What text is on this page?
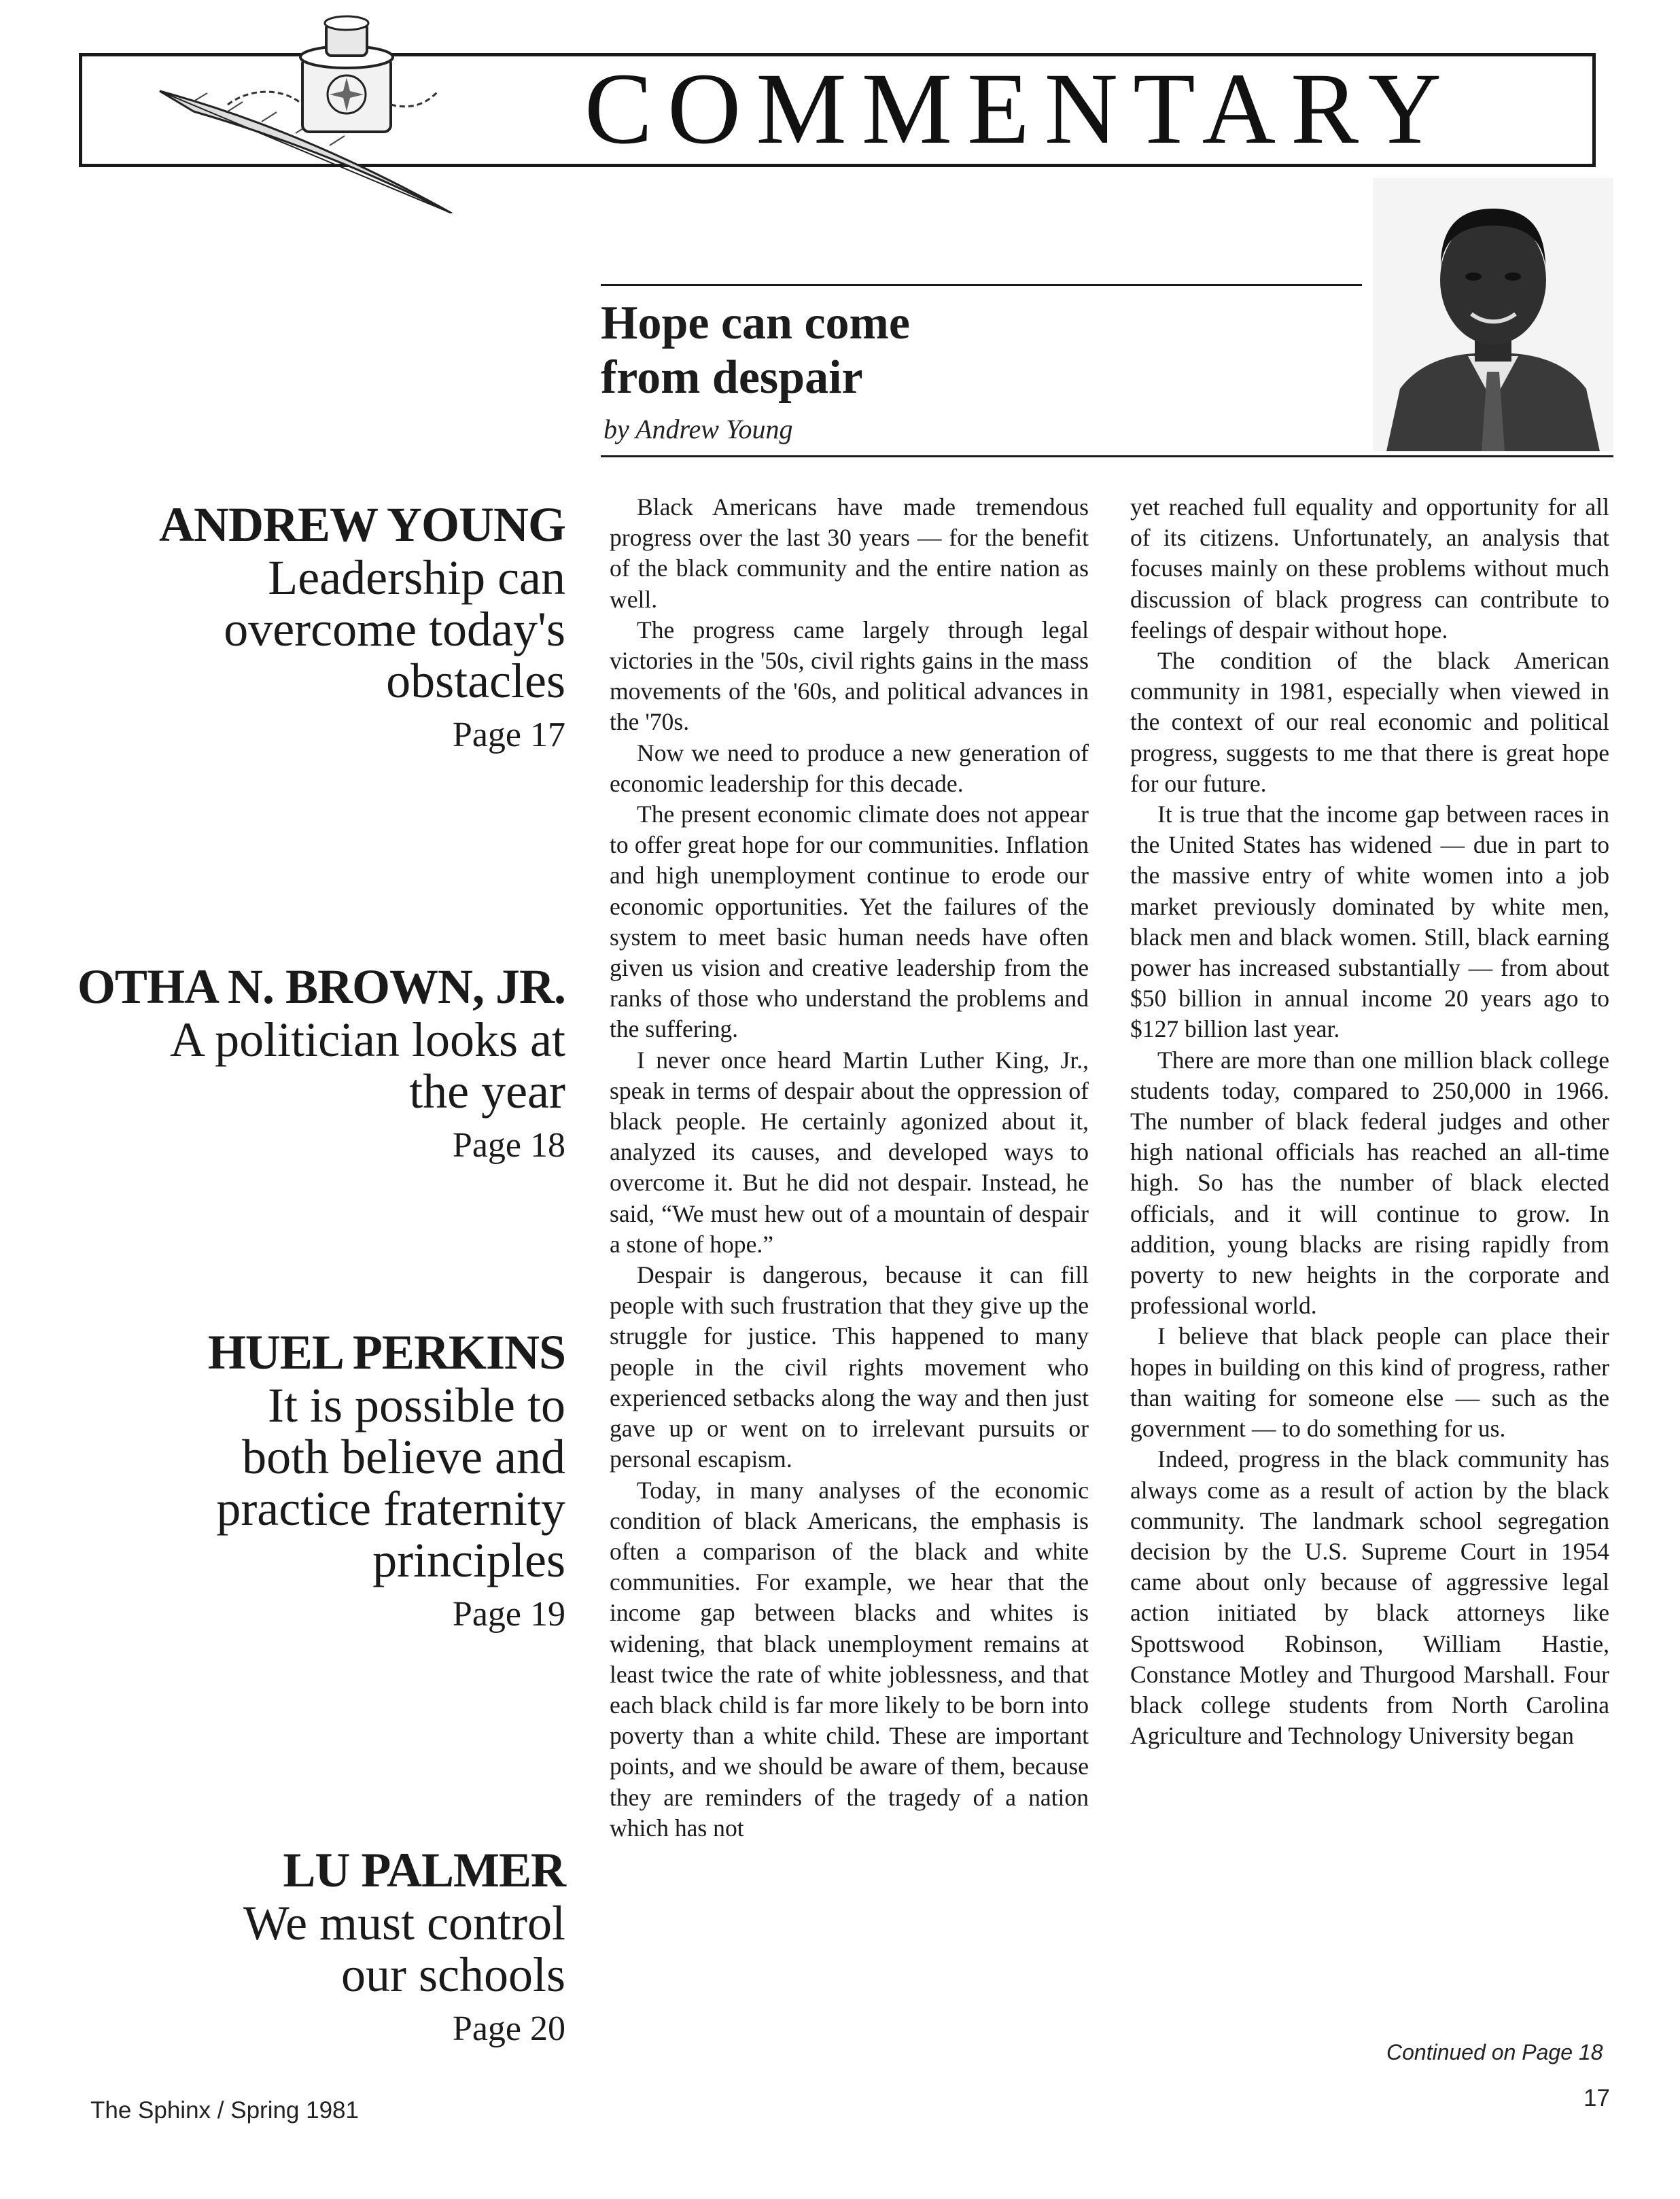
COMMENTARY
Hope can come
from despair
by Andrew Young
ANDREW YOUNG
Leadership can
overcome today's
obstacles
Page 17
OTHA N. BROWN, JR.
A politician looks at
the year
Page 18
HUEL PERKINS
It is possible to
both believe and
practice fraternity
principles
Page 19
LU PALMER
We must control
our schools
Page 20

Black Americans have made tremendous progress over the last 30 years — for the benefit of the black community and the entire nation as well.

The progress came largely through legal victories in the '50s, civil rights gains in the mass movements of the '60s, and political advances in the '70s.

Now we need to produce a new generation of economic leadership for this decade.

The present economic climate does not appear to offer great hope for our communities. Inflation and high unemployment continue to erode our economic opportunities. Yet the failures of the system to meet basic human needs have often given us vision and creative leadership from the ranks of those who understand the problems and the suffering.

I never once heard Martin Luther King, Jr., speak in terms of despair about the oppression of black people. He certainly agonized about it, analyzed its causes, and developed ways to overcome it. But he did not despair. Instead, he said, “We must hew out of a mountain of despair a stone of hope.”

Despair is dangerous, because it can fill people with such frustration that they give up the struggle for justice. This happened to many people in the civil rights movement who experienced setbacks along the way and then just gave up or went on to irrelevant pursuits or personal escapism.

Today, in many analyses of the economic condition of black Americans, the emphasis is often a comparison of the black and white communities. For example, we hear that the income gap between blacks and whites is widening, that black unemployment remains at least twice the rate of white joblessness, and that each black child is far more likely to be born into poverty than a white child. These are important points, and we should be aware of them, because they are reminders of the tragedy of a nation which has not

yet reached full equality and opportunity for all of its citizens. Unfortunately, an analysis that focuses mainly on these problems without much discussion of black progress can contribute to feelings of despair without hope.

The condition of the black American community in 1981, especially when viewed in the context of our real economic and political progress, suggests to me that there is great hope for our future.

It is true that the income gap between races in the United States has widened — due in part to the massive entry of white women into a job market previously dominated by white men, black men and black women. Still, black earning power has increased substantially — from about $50 billion in annual income 20 years ago to $127 billion last year.

There are more than one million black college students today, compared to 250,000 in 1966. The number of black federal judges and other high national officials has reached an all-time high. So has the number of black elected officials, and it will continue to grow. In addition, young blacks are rising rapidly from poverty to new heights in the corporate and professional world.

I believe that black people can place their hopes in building on this kind of progress, rather than waiting for someone else — such as the government — to do something for us.

Indeed, progress in the black community has always come as a result of action by the black community. The landmark school segregation decision by the U.S. Supreme Court in 1954 came about only because of aggressive legal action initiated by black attorneys like Spottswood Robinson, William Hastie, Constance Motley and Thurgood Marshall. Four black college students from North Carolina Agriculture and Technology University began

Continued on Page 18
The Sphinx / Spring 1981	17
